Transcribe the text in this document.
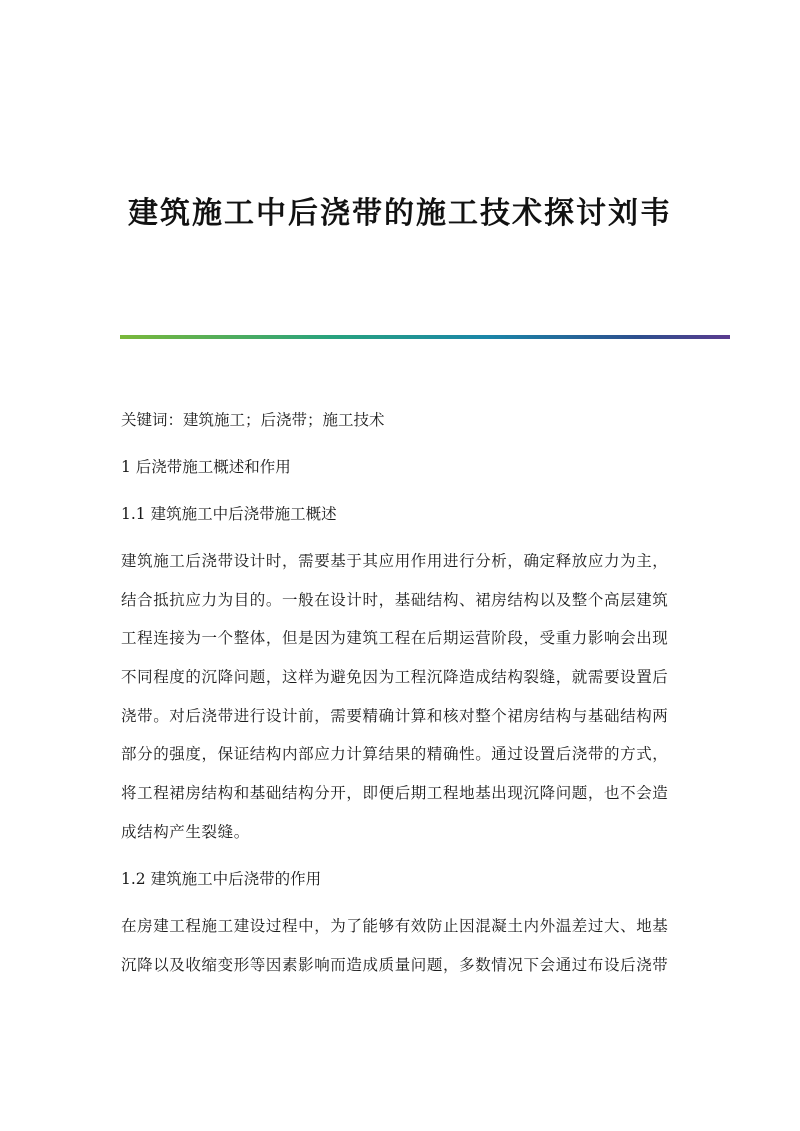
建筑施工中后浇带的施工技术探讨刘韦
关键词：建筑施工；后浇带；施工技术
1 后浇带施工概述和作用
1.1 建筑施工中后浇带施工概述
建筑施工后浇带设计时，需要基于其应用作用进行分析，确定释放应力为主，
结合抵抗应力为目的。一般在设计时，基础结构、裙房结构以及整个高层建筑
工程连接为一个整体，但是因为建筑工程在后期运营阶段，受重力影响会出现
不同程度的沉降问题，这样为避免因为工程沉降造成结构裂缝，就需要设置后
浇带。对后浇带进行设计前，需要精确计算和核对整个裙房结构与基础结构两
部分的强度，保证结构内部应力计算结果的精确性。通过设置后浇带的方式，
将工程裙房结构和基础结构分开，即便后期工程地基出现沉降问题，也不会造
成结构产生裂缝。
1.2 建筑施工中后浇带的作用
在房建工程施工建设过程中，为了能够有效防止因混凝土内外温差过大、地基
沉降以及收缩变形等因素影响而造成质量问题，多数情况下会通过布设后浇带
